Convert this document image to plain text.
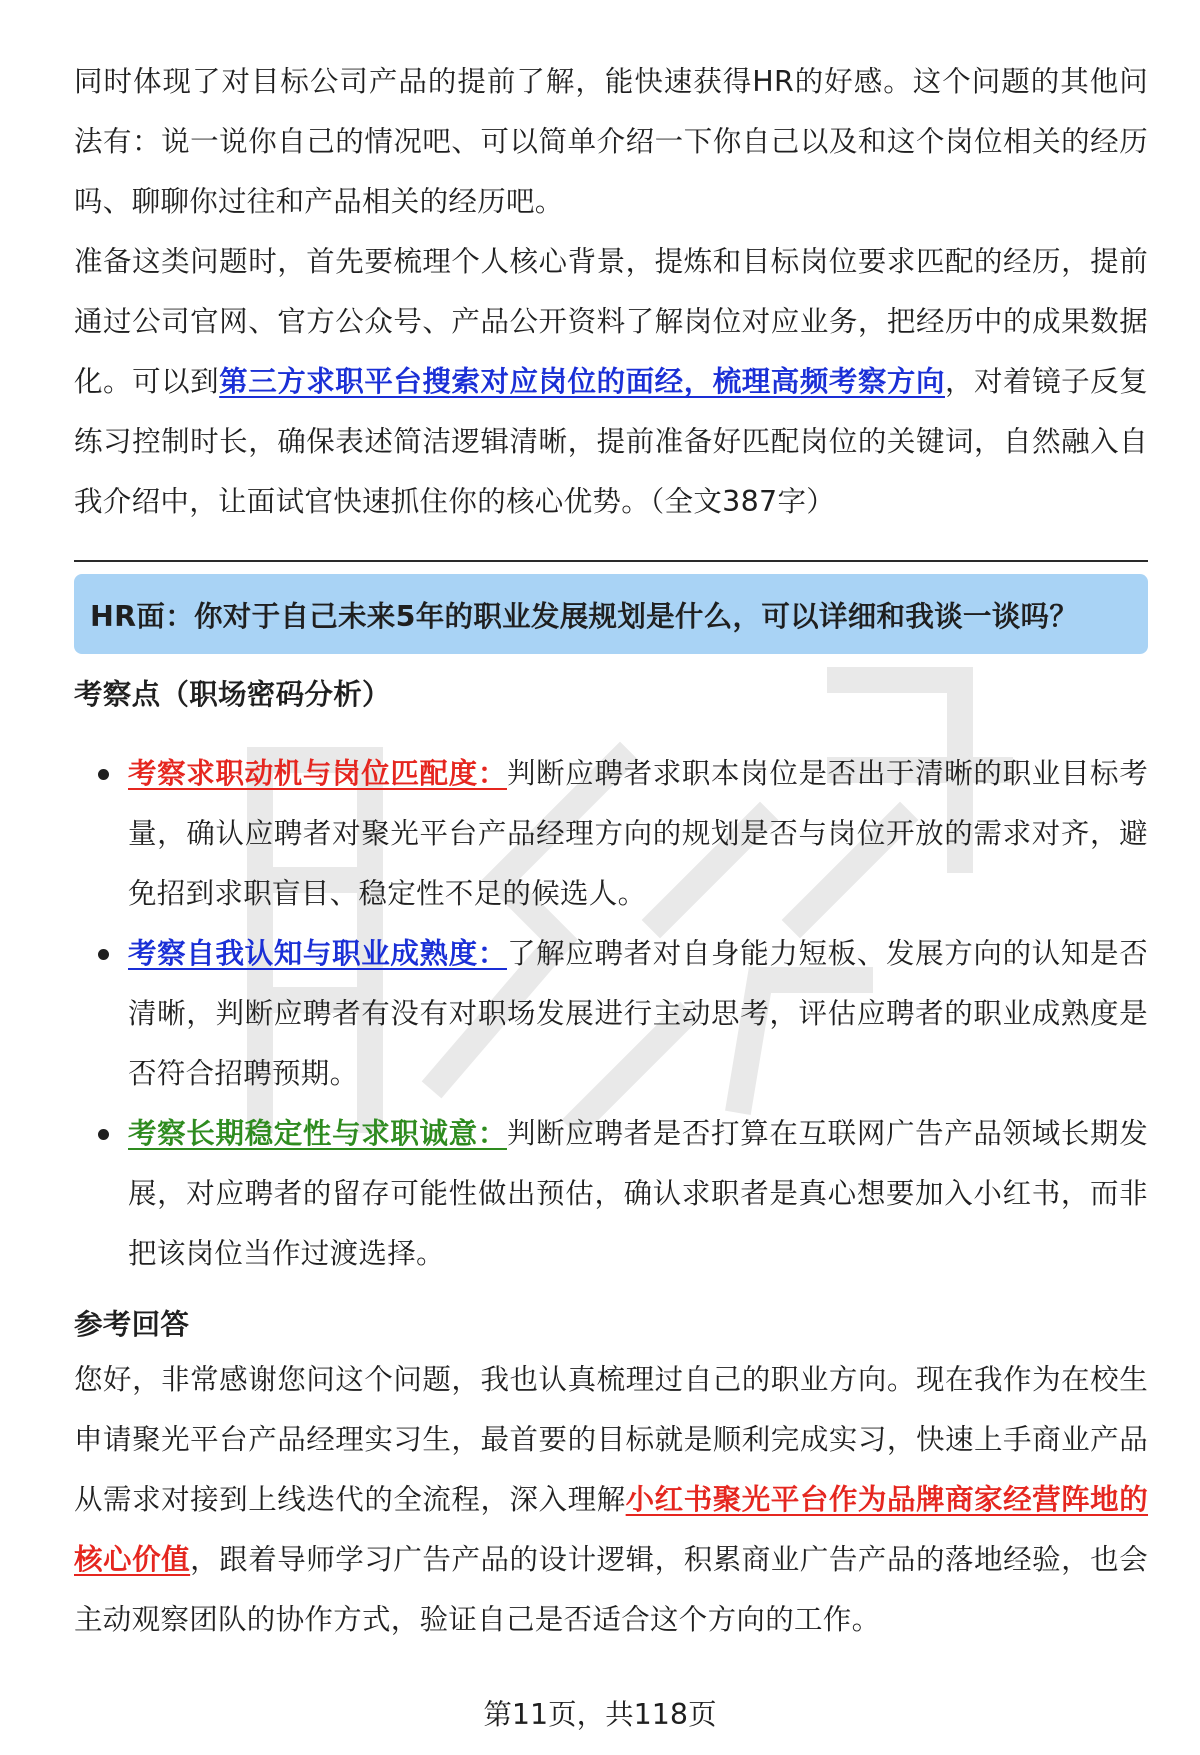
同时体现了对目标公司产品的提前了解，能快速获得HR的好感。这个问题的其他问法有：说一说你自己的情况吧、可以简单介绍一下你自己以及和这个岗位相关的经历吗、聊聊你过往和产品相关的经历吧。

准备这类问题时，首先要梳理个人核心背景，提炼和目标岗位要求匹配的经历，提前通过公司官网、官方公众号、产品公开资料了解岗位对应业务，把经历中的成果数据化。可以到第三方求职平台搜索对应岗位的面经，梳理高频考察方向，对着镜子反复练习控制时长，确保表述简洁逻辑清晰，提前准备好匹配岗位的关键词，自然融入自我介绍中，让面试官快速抓住你的核心优势。（全文387字）

HR面：你对于自己未来5年的职业发展规划是什么，可以详细和我谈一谈吗？
考察点（职场密码分析）
考察求职动机与岗位匹配度：判断应聘者求职本岗位是否出于清晰的职业目标考量，确认应聘者对聚光平台产品经理方向的规划是否与岗位开放的需求对齐，避免招到求职盲目、稳定性不足的候选人。
考察自我认知与职业成熟度：了解应聘者对自身能力短板、发展方向的认知是否清晰，判断应聘者有没有对职场发展进行主动思考，评估应聘者的职业成熟度是否符合招聘预期。
考察长期稳定性与求职诚意：判断应聘者是否打算在互联网广告产品领域长期发展，对应聘者的留存可能性做出预估，确认求职者是真心想要加入小红书，而非把该岗位当作过渡选择。
参考回答

您好，非常感谢您问这个问题，我也认真梳理过自己的职业方向。现在我作为在校生申请聚光平台产品经理实习生，最首要的目标就是顺利完成实习，快速上手商业产品从需求对接到上线迭代的全流程，深入理解小红书聚光平台作为品牌商家经营阵地的核心价值，跟着导师学习广告产品的设计逻辑，积累商业广告产品的落地经验，也会主动观察团队的协作方式，验证自己是否适合这个方向的工作。

第11页，共118页
